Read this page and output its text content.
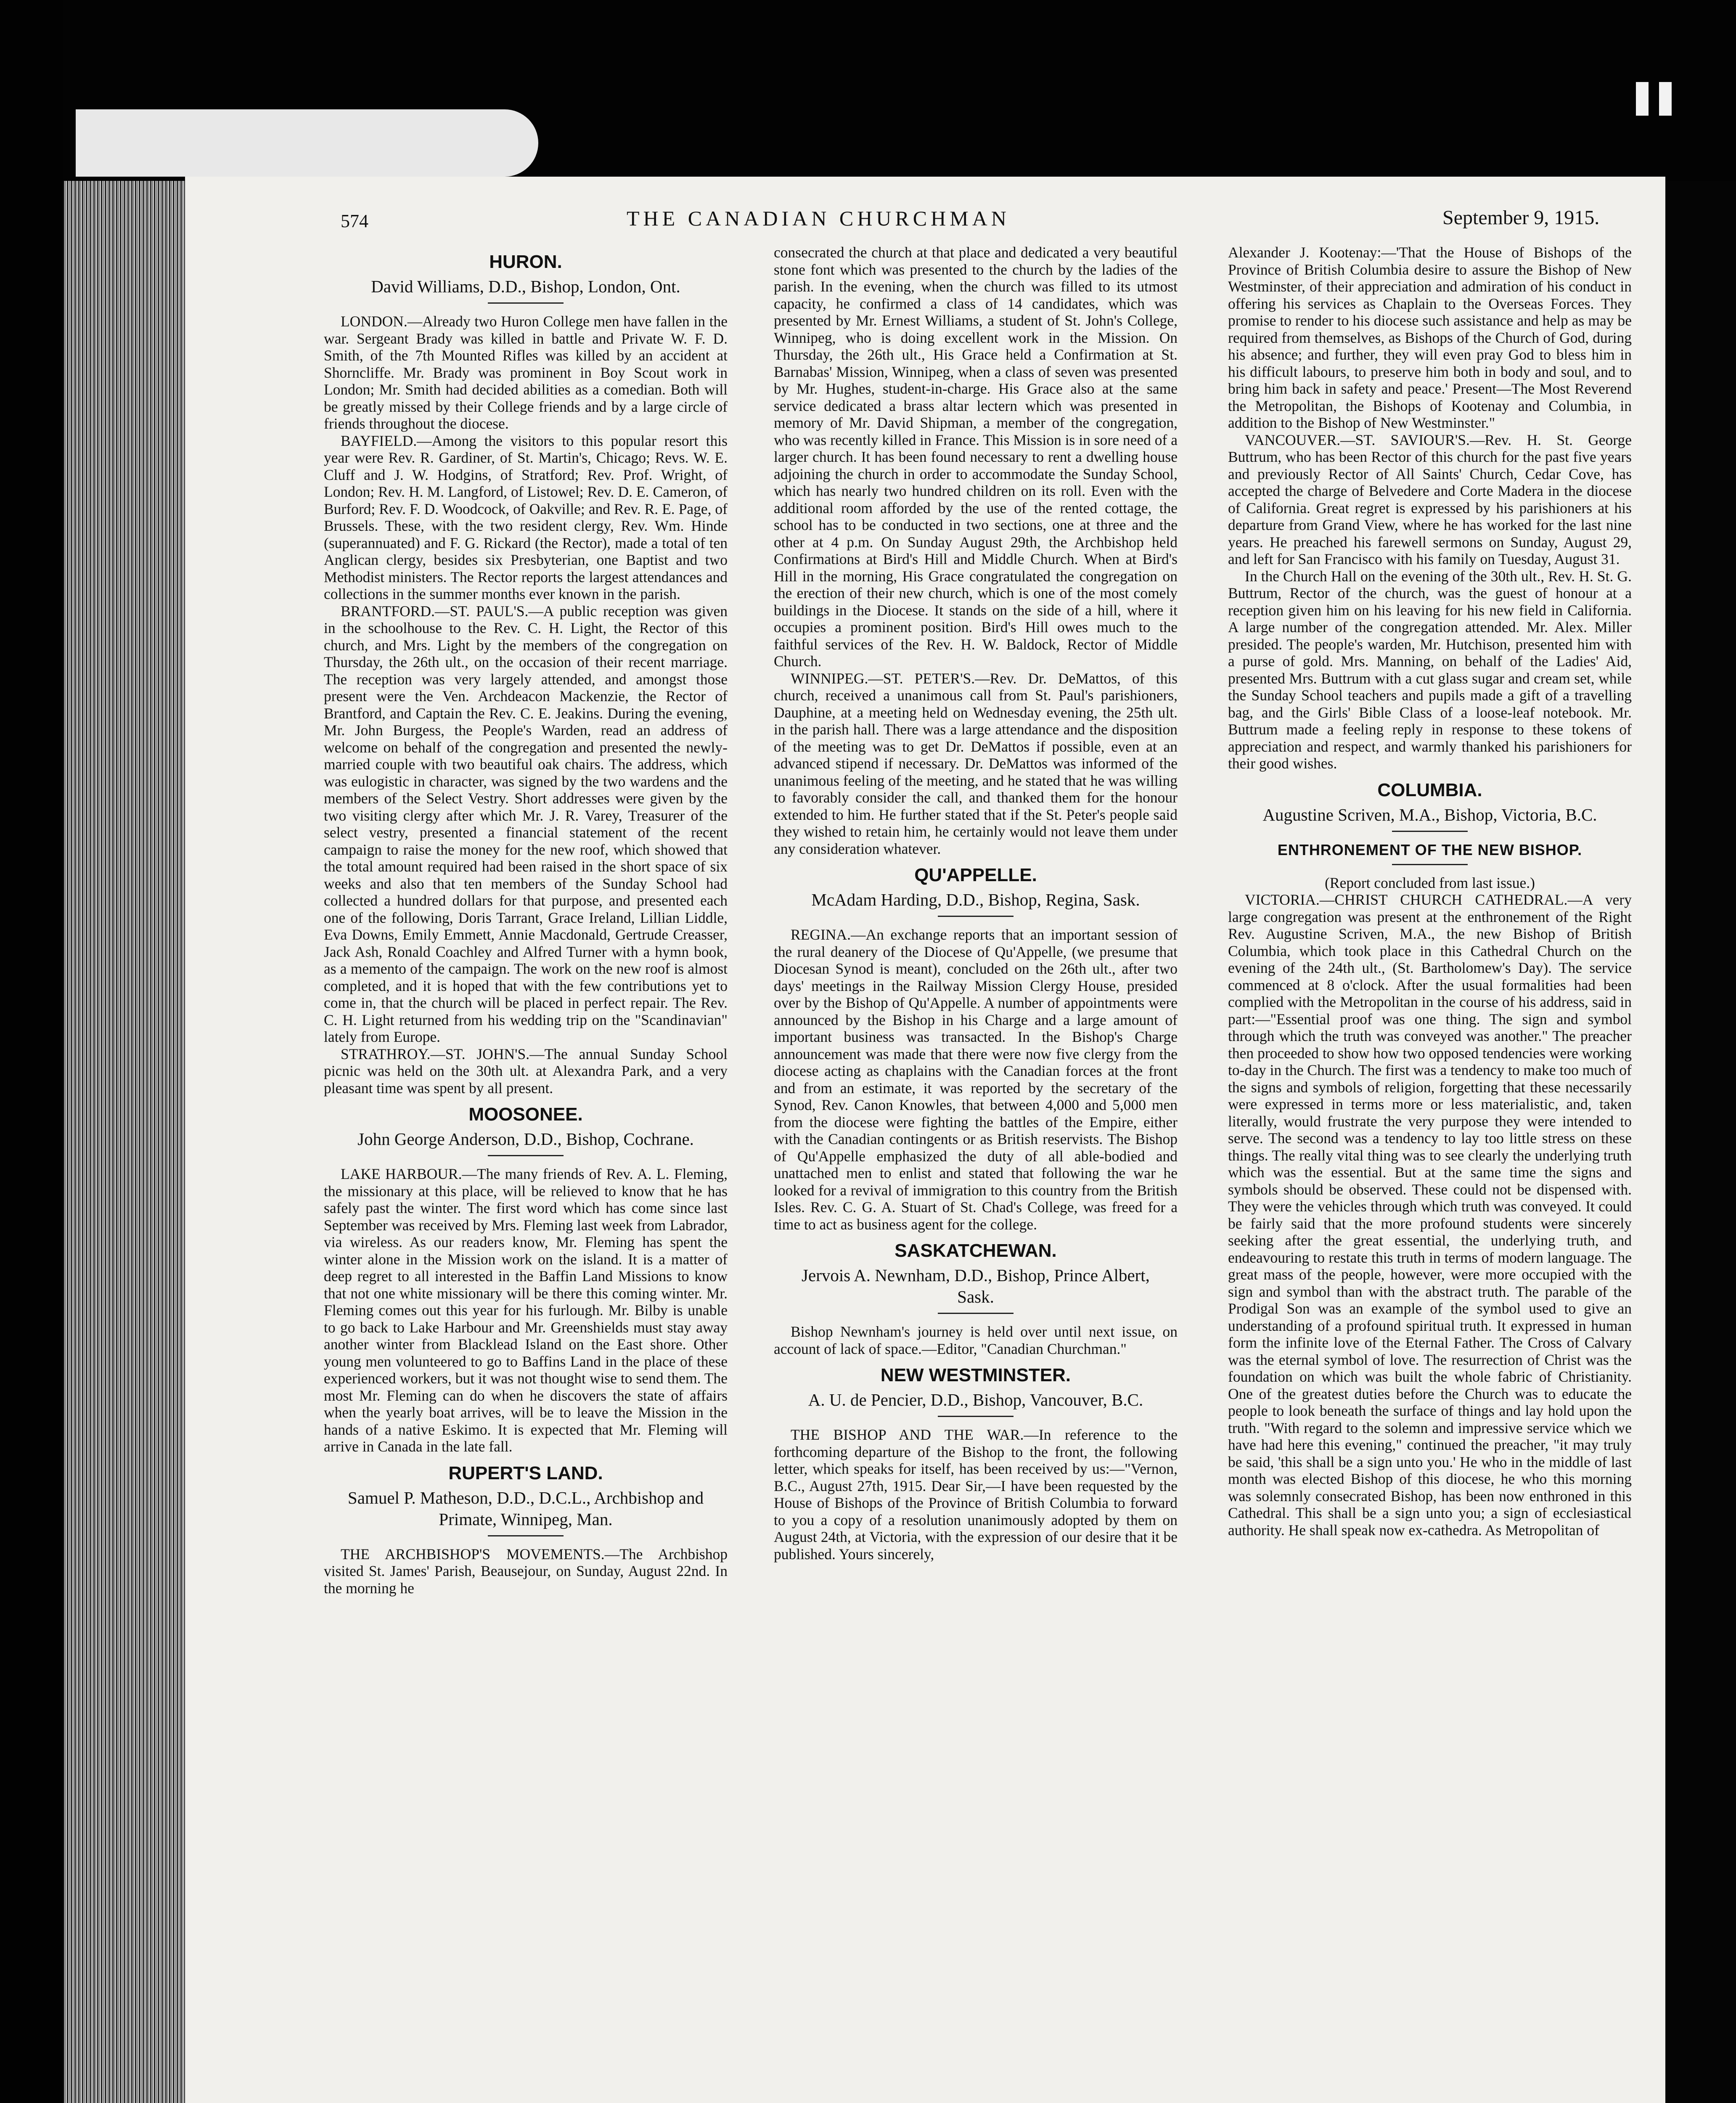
574	THE CANADIAN CHURCHMAN	September 9, 1915.
HURON.

David Williams, D.D., Bishop, London, Ont.

LONDON.—Already two Huron College men have fallen in the war. Sergeant Brady was killed in battle and Private W. F. D. Smith, of the 7th Mounted Rifles was killed by an accident at Shorncliffe. Mr. Brady was prominent in Boy Scout work in London; Mr. Smith had decided abilities as a comedian. Both will be greatly missed by their College friends and by a large circle of friends throughout the diocese.

BAYFIELD.—Among the visitors to this popular resort this year were Rev. R. Gardiner, of St. Martin's, Chicago; Revs. W. E. Cluff and J. W. Hodgins, of Stratford; Rev. Prof. Wright, of London; Rev. H. M. Langford, of Listowel; Rev. D. E. Cameron, of Burford; Rev. F. D. Woodcock, of Oakville; and Rev. R. E. Page, of Brussels. These, with the two resident clergy, Rev. Wm. Hinde (superannuated) and F. G. Rickard (the Rector), made a total of ten Anglican clergy, besides six Presbyterian, one Baptist and two Methodist ministers. The Rector reports the largest attendances and collections in the summer months ever known in the parish.

BRANTFORD.—ST. PAUL'S.—A public reception was given in the schoolhouse to the Rev. C. H. Light, the Rector of this church, and Mrs. Light by the members of the congregation on Thursday, the 26th ult., on the occasion of their recent marriage. The reception was very largely attended, and amongst those present were the Ven. Archdeacon Mackenzie, the Rector of Brantford, and Captain the Rev. C. E. Jeakins. During the evening, Mr. John Burgess, the People's Warden, read an address of welcome on behalf of the congregation and presented the newly-married couple with two beautiful oak chairs. The address, which was eulogistic in character, was signed by the two wardens and the members of the Select Vestry. Short addresses were given by the two visiting clergy after which Mr. J. R. Varey, Treasurer of the select vestry, presented a financial statement of the recent campaign to raise the money for the new roof, which showed that the total amount required had been raised in the short space of six weeks and also that ten members of the Sunday School had collected a hundred dollars for that purpose, and presented each one of the following, Doris Tarrant, Grace Ireland, Lillian Liddle, Eva Downs, Emily Emmett, Annie Macdonald, Gertrude Creasser, Jack Ash, Ronald Coachley and Alfred Turner with a hymn book, as a memento of the campaign. The work on the new roof is almost completed, and it is hoped that with the few contributions yet to come in, that the church will be placed in perfect repair. The Rev. C. H. Light returned from his wedding trip on the "Scandinavian" lately from Europe.

STRATHROY.—ST. JOHN'S.—The annual Sunday School picnic was held on the 30th ult. at Alexandra Park, and a very pleasant time was spent by all present.

MOOSONEE.

John George Anderson, D.D., Bishop, Cochrane.

LAKE HARBOUR.—The many friends of Rev. A. L. Fleming, the missionary at this place, will be relieved to know that he has safely past the winter. The first word which has come since last September was received by Mrs. Fleming last week from Labrador, via wireless. As our readers know, Mr. Fleming has spent the winter alone in the Mission work on the island. It is a matter of deep regret to all interested in the Baffin Land Missions to know that not one white missionary will be there this coming winter. Mr. Fleming comes out this year for his furlough. Mr. Bilby is unable to go back to Lake Harbour and Mr. Greenshields must stay away another winter from Blacklead Island on the East shore. Other young men volunteered to go to Baffins Land in the place of these experienced workers, but it was not thought wise to send them. The most Mr. Fleming can do when he discovers the state of affairs when the yearly boat arrives, will be to leave the Mission in the hands of a native Eskimo. It is expected that Mr. Fleming will arrive in Canada in the late fall.

RUPERT'S LAND.

Samuel P. Matheson, D.D., D.C.L., Archbishop and Primate, Winnipeg, Man.

THE ARCHBISHOP'S MOVEMENTS.—The Archbishop visited St. James' Parish, Beausejour, on Sunday, August 22nd. In the morning he

consecrated the church at that place and dedicated a very beautiful stone font which was presented to the church by the ladies of the parish. In the evening, when the church was filled to its utmost capacity, he confirmed a class of 14 candidates, which was presented by Mr. Ernest Williams, a student of St. John's College, Winnipeg, who is doing excellent work in the Mission. On Thursday, the 26th ult., His Grace held a Confirmation at St. Barnabas' Mission, Winnipeg, when a class of seven was presented by Mr. Hughes, student-in-charge. His Grace also at the same service dedicated a brass altar lectern which was presented in memory of Mr. David Shipman, a member of the congregation, who was recently killed in France. This Mission is in sore need of a larger church. It has been found necessary to rent a dwelling house adjoining the church in order to accommodate the Sunday School, which has nearly two hundred children on its roll. Even with the additional room afforded by the use of the rented cottage, the school has to be conducted in two sections, one at three and the other at 4 p.m. On Sunday August 29th, the Archbishop held Confirmations at Bird's Hill and Middle Church. When at Bird's Hill in the morning, His Grace congratulated the congregation on the erection of their new church, which is one of the most comely buildings in the Diocese. It stands on the side of a hill, where it occupies a prominent position. Bird's Hill owes much to the faithful services of the Rev. H. W. Baldock, Rector of Middle Church.

WINNIPEG.—ST. PETER'S.—Rev. Dr. DeMattos, of this church, received a unanimous call from St. Paul's parishioners, Dauphine, at a meeting held on Wednesday evening, the 25th ult. in the parish hall. There was a large attendance and the disposition of the meeting was to get Dr. DeMattos if possible, even at an advanced stipend if necessary. Dr. DeMattos was informed of the unanimous feeling of the meeting, and he stated that he was willing to favorably consider the call, and thanked them for the honour extended to him. He further stated that if the St. Peter's people said they wished to retain him, he certainly would not leave them under any consideration whatever.

QU'APPELLE.

McAdam Harding, D.D., Bishop, Regina, Sask.

REGINA.—An exchange reports that an important session of the rural deanery of the Diocese of Qu'Appelle, (we presume that Diocesan Synod is meant), concluded on the 26th ult., after two days' meetings in the Railway Mission Clergy House, presided over by the Bishop of Qu'Appelle. A number of appointments were announced by the Bishop in his Charge and a large amount of important business was transacted. In the Bishop's Charge announcement was made that there were now five clergy from the diocese acting as chaplains with the Canadian forces at the front and from an estimate, it was reported by the secretary of the Synod, Rev. Canon Knowles, that between 4,000 and 5,000 men from the diocese were fighting the battles of the Empire, either with the Canadian contingents or as British reservists. The Bishop of Qu'Appelle emphasized the duty of all able-bodied and unattached men to enlist and stated that following the war he looked for a revival of immigration to this country from the British Isles. Rev. C. G. A. Stuart of St. Chad's College, was freed for a time to act as business agent for the college.

SASKATCHEWAN.

Jervois A. Newnham, D.D., Bishop, Prince Albert, Sask.

Bishop Newnham's journey is held over until next issue, on account of lack of space.—Editor, "Canadian Churchman."

NEW WESTMINSTER.

A. U. de Pencier, D.D., Bishop, Vancouver, B.C.

THE BISHOP AND THE WAR.—In reference to the forthcoming departure of the Bishop to the front, the following letter, which speaks for itself, has been received by us:—"Vernon, B.C., August 27th, 1915. Dear Sir,—I have been requested by the House of Bishops of the Province of British Columbia to forward to you a copy of a resolution unanimously adopted by them on August 24th, at Victoria, with the expression of our desire that it be published. Yours sincerely,

Alexander J. Kootenay:—'That the House of Bishops of the Province of British Columbia desire to assure the Bishop of New Westminster, of their appreciation and admiration of his conduct in offering his services as Chaplain to the Overseas Forces. They promise to render to his diocese such assistance and help as may be required from themselves, as Bishops of the Church of God, during his absence; and further, they will even pray God to bless him in his difficult labours, to preserve him both in body and soul, and to bring him back in safety and peace.' Present—The Most Reverend the Metropolitan, the Bishops of Kootenay and Columbia, in addition to the Bishop of New Westminster."

VANCOUVER.—ST. SAVIOUR'S.—Rev. H. St. George Buttrum, who has been Rector of this church for the past five years and previously Rector of All Saints' Church, Cedar Cove, has accepted the charge of Belvedere and Corte Madera in the diocese of California. Great regret is expressed by his parishioners at his departure from Grand View, where he has worked for the last nine years. He preached his farewell sermons on Sunday, August 29, and left for San Francisco with his family on Tuesday, August 31.

In the Church Hall on the evening of the 30th ult., Rev. H. St. G. Buttrum, Rector of the church, was the guest of honour at a reception given him on his leaving for his new field in California. A large number of the congregation attended. Mr. Alex. Miller presided. The people's warden, Mr. Hutchison, presented him with a purse of gold. Mrs. Manning, on behalf of the Ladies' Aid, presented Mrs. Buttrum with a cut glass sugar and cream set, while the Sunday School teachers and pupils made a gift of a travelling bag, and the Girls' Bible Class of a loose-leaf notebook. Mr. Buttrum made a feeling reply in response to these tokens of appreciation and respect, and warmly thanked his parishioners for their good wishes.

COLUMBIA.

Augustine Scriven, M.A., Bishop, Victoria, B.C.

ENTHRONEMENT OF THE NEW BISHOP.

(Report concluded from last issue.)

VICTORIA.—CHRIST CHURCH CATHEDRAL.—A very large congregation was present at the enthronement of the Right Rev. Augustine Scriven, M.A., the new Bishop of British Columbia, which took place in this Cathedral Church on the evening of the 24th ult., (St. Bartholomew's Day). The service commenced at 8 o'clock. After the usual formalities had been complied with the Metropolitan in the course of his address, said in part:—"Essential proof was one thing. The sign and symbol through which the truth was conveyed was another." The preacher then proceeded to show how two opposed tendencies were working to-day in the Church. The first was a tendency to make too much of the signs and symbols of religion, forgetting that these necessarily were expressed in terms more or less materialistic, and, taken literally, would frustrate the very purpose they were intended to serve. The second was a tendency to lay too little stress on these things. The really vital thing was to see clearly the underlying truth which was the essential. But at the same time the signs and symbols should be observed. These could not be dispensed with. They were the vehicles through which truth was conveyed. It could be fairly said that the more profound students were sincerely seeking after the great essential, the underlying truth, and endeavouring to restate this truth in terms of modern language. The great mass of the people, however, were more occupied with the sign and symbol than with the abstract truth. The parable of the Prodigal Son was an example of the symbol used to give an understanding of a profound spiritual truth. It expressed in human form the infinite love of the Eternal Father. The Cross of Calvary was the eternal symbol of love. The resurrection of Christ was the foundation on which was built the whole fabric of Christianity. One of the greatest duties before the Church was to educate the people to look beneath the surface of things and lay hold upon the truth. "With regard to the solemn and impressive service which we have had here this evening," continued the preacher, "it may truly be said, 'this shall be a sign unto you.' He who in the middle of last month was elected Bishop of this diocese, he who this morning was solemnly consecrated Bishop, has been now enthroned in this Cathedral. This shall be a sign unto you; a sign of ecclesiastical authority. He shall speak now ex-cathedra. As Metropolitan of
